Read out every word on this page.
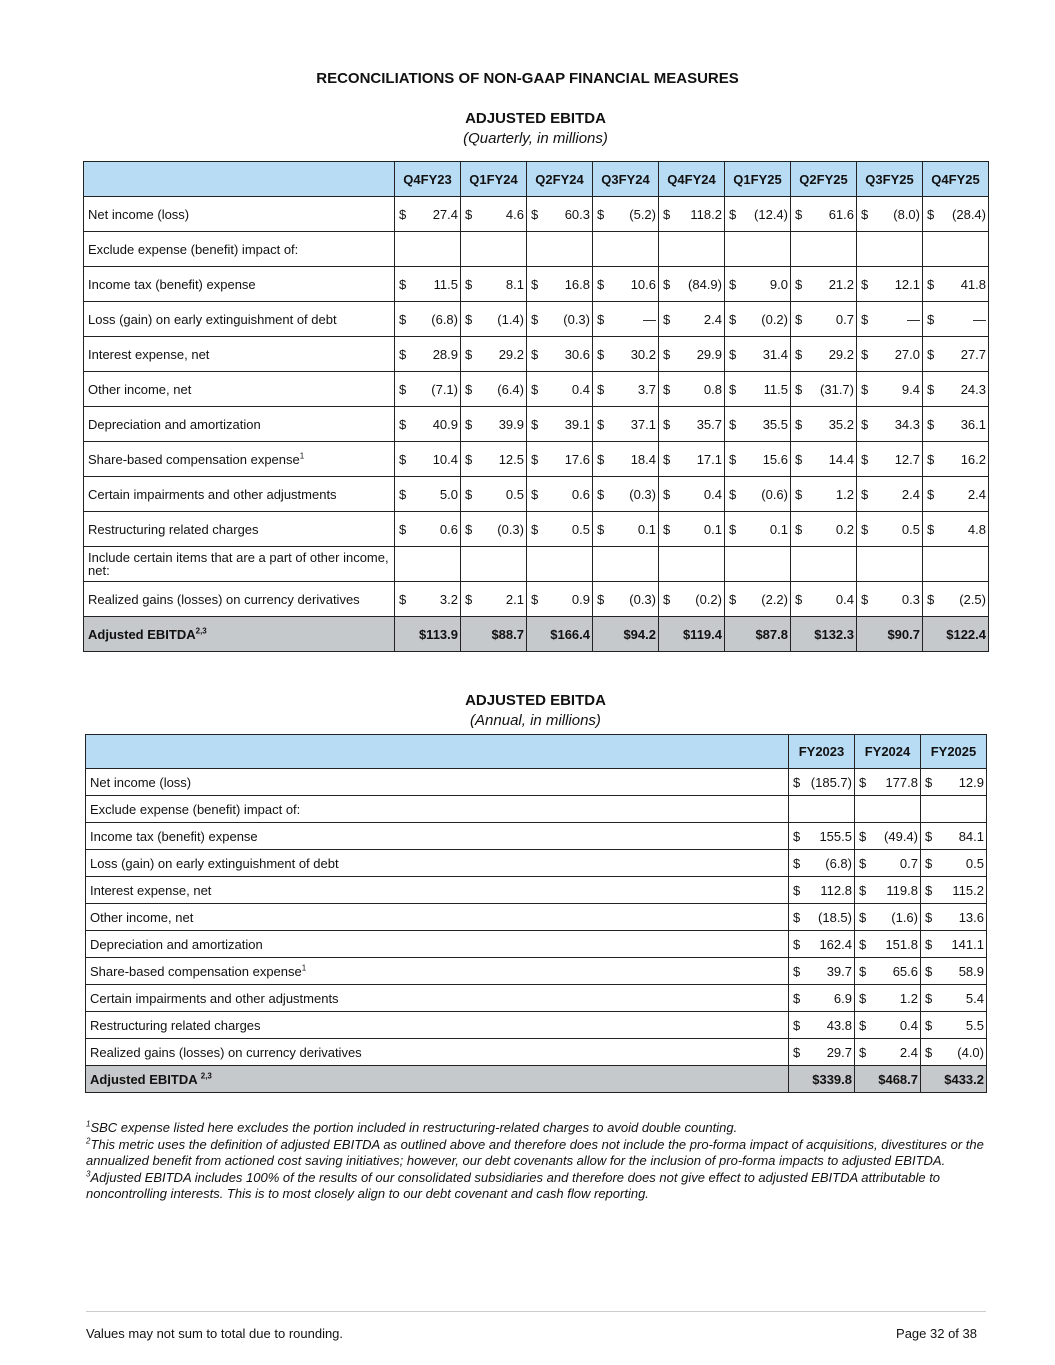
RECONCILIATIONS OF NON-GAAP FINANCIAL MEASURES
ADJUSTED EBITDA
(Quarterly, in millions)
	Q4FY23	Q1FY24	Q2FY24	Q3FY24	Q4FY24	Q1FY25	Q2FY25	Q3FY25	Q4FY25
Net income (loss)	$ 27.4	$ 4.6	$ 60.3	$ (5.2)	$ 118.2	$ (12.4)	$ 61.6	$ (8.0)	$ (28.4)
Exclude expense (benefit) impact of:									
Income tax (benefit) expense	$ 11.5	$ 8.1	$ 16.8	$ 10.6	$ (84.9)	$ 9.0	$ 21.2	$ 12.1	$ 41.8
Loss (gain) on early extinguishment of debt	$ (6.8)	$ (1.4)	$ (0.3)	$ —	$ 2.4	$ (0.2)	$ 0.7	$ —	$ —
Interest expense, net	$ 28.9	$ 29.2	$ 30.6	$ 30.2	$ 29.9	$ 31.4	$ 29.2	$ 27.0	$ 27.7
Other income, net	$ (7.1)	$ (6.4)	$ 0.4	$ 3.7	$ 0.8	$ 11.5	$ (31.7)	$ 9.4	$ 24.3
Depreciation and amortization	$ 40.9	$ 39.9	$ 39.1	$ 37.1	$ 35.7	$ 35.5	$ 35.2	$ 34.3	$ 36.1
Share-based compensation expense$^1$	$ 10.4	$ 12.5	$ 17.6	$ 18.4	$ 17.1	$ 15.6	$ 14.4	$ 12.7	$ 16.2
Certain impairments and other adjustments	$ 5.0	$ 0.5	$ 0.6	$ (0.3)	$ 0.4	$ (0.6)	$ 1.2	$ 2.4	$ 2.4
Restructuring related charges	$ 0.6	$ (0.3)	$ 0.5	$ 0.1	$ 0.1	$ 0.1	$ 0.2	$ 0.5	$ 4.8
Include certain items that are a part of other income, net:									
Realized gains (losses) on currency derivatives	$ 3.2	$ 2.1	$ 0.9	$ (0.3)	$ (0.2)	$ (2.2)	$ 0.4	$ 0.3	$ (2.5)
Adjusted EBITDA$^{2,3}$	$113.9	$88.7	$166.4	$94.2	$119.4	$87.8	$132.3	$90.7	$122.4
ADJUSTED EBITDA
(Annual, in millions)
	FY2023	FY2024	FY2025
Net income (loss)	$ (185.7)	$ 177.8	$ 12.9
Exclude expense (benefit) impact of:			
Income tax (benefit) expense	$ 155.5	$ (49.4)	$ 84.1
Loss (gain) on early extinguishment of debt	$ (6.8)	$ 0.7	$ 0.5
Interest expense, net	$ 112.8	$ 119.8	$ 115.2
Other income, net	$ (18.5)	$ (1.6)	$ 13.6
Depreciation and amortization	$ 162.4	$ 151.8	$ 141.1
Share-based compensation expense$^1$	$ 39.7	$ 65.6	$ 58.9
Certain impairments and other adjustments	$ 6.9	$ 1.2	$ 5.4
Restructuring related charges	$ 43.8	$ 0.4	$ 5.5
Realized gains (losses) on currency derivatives	$ 29.7	$ 2.4	$ (4.0)
Adjusted EBITDA $^{2,3}$	$339.8	$468.7	$433.2

$^1$SBC expense listed here excludes the portion included in restructuring-related charges to avoid double counting.

$^2$This metric uses the definition of adjusted EBITDA as outlined above and therefore does not include the pro-forma impact of acquisitions, divestitures or the annualized benefit from actioned cost saving initiatives; however, our debt covenants allow for the inclusion of pro-forma impacts to adjusted EBITDA.

$^3$Adjusted EBITDA includes 100% of the results of our consolidated subsidiaries and therefore does not give effect to adjusted EBITDA attributable to noncontrolling interests. This is to most closely align to our debt covenant and cash flow reporting.

Values may not sum to total due to rounding.	Page 32 of 38
